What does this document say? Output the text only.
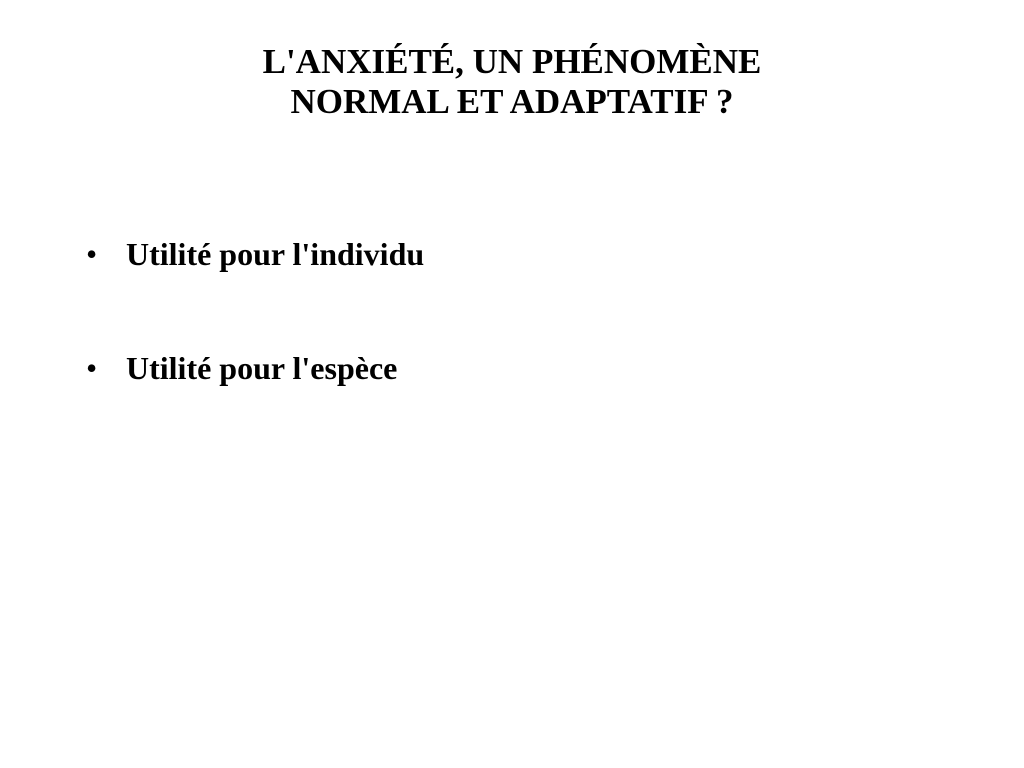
L'ANXIÉTÉ, UN PHÉNOMÈNE
NORMAL ET ADAPTATIF ?
• Utilité pour l'individu
• Utilité pour l'espèce
